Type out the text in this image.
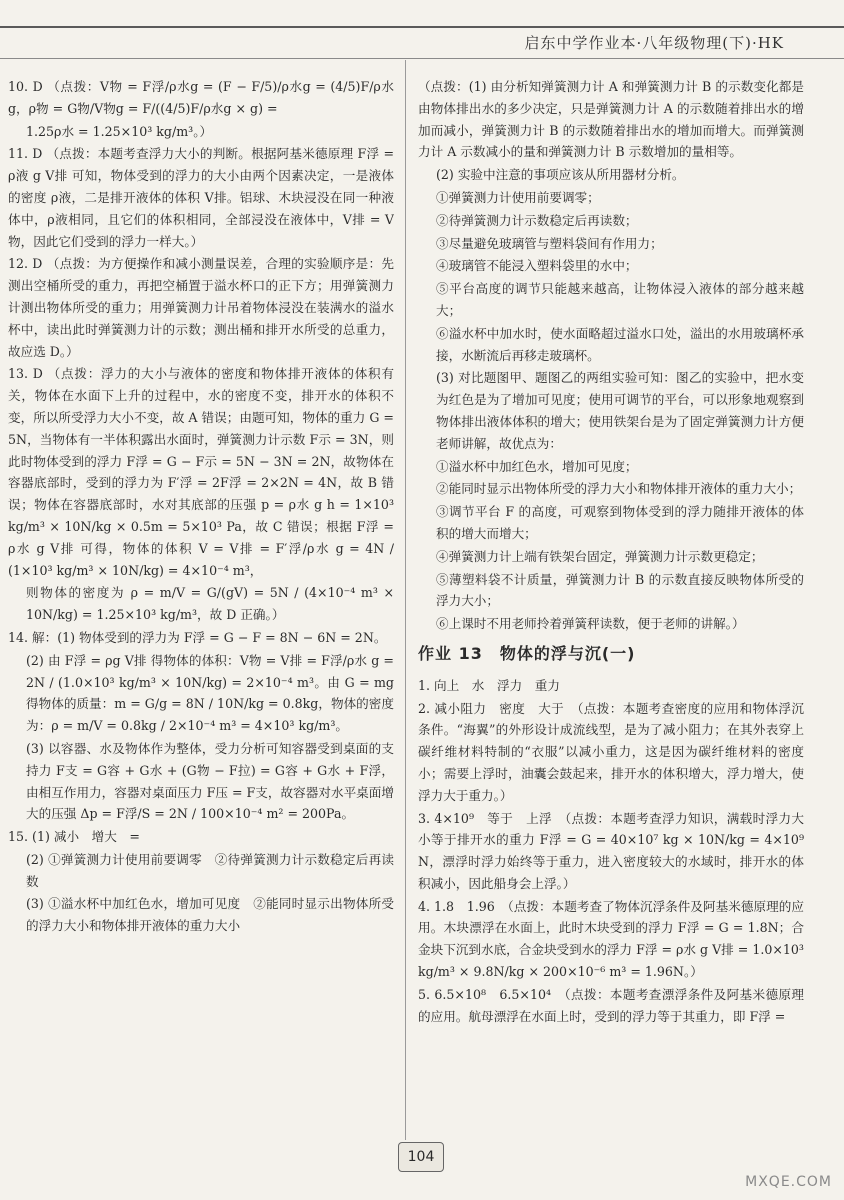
启东中学作业本·八年级物理(下)·HK

10. D （点拨：V物 = F浮/ρ水g = (F − F/5)/ρ水g = (4/5)F/ρ水g，ρ物 = G物/V物g = F/((4/5)F/ρ水g × g) =

1.25ρ水 = 1.25×10³ kg/m³。）

11. D （点拨：本题考查浮力大小的判断。根据阿基米德原理 F浮 = ρ液 g V排 可知，物体受到的浮力的大小由两个因素决定，一是液体的密度 ρ液，二是排开液体的体积 V排。铝球、木块浸没在同一种液体中，ρ液相同，且它们的体积相同，全部浸没在液体中，V排 = V物，因此它们受到的浮力一样大。）

12. D （点拨：为方便操作和减小测量误差，合理的实验顺序是：先测出空桶所受的重力，再把空桶置于溢水杯口的正下方；用弹簧测力计测出物体所受的重力；用弹簧测力计吊着物体浸没在装满水的溢水杯中，读出此时弹簧测力计的示数；测出桶和排开水所受的总重力，故应选 D。）

13. D （点拨：浮力的大小与液体的密度和物体排开液体的体积有关，物体在水面下上升的过程中，水的密度不变，排开水的体积不变，所以所受浮力大小不变，故 A 错误；由题可知，物体的重力 G = 5N，当物体有一半体积露出水面时，弹簧测力计示数 F示 = 3N，则此时物体受到的浮力 F浮 = G − F示 = 5N − 3N = 2N，故物体在容器底部时，受到的浮力为 F′浮 = 2F浮 = 2×2N = 4N，故 B 错误；物体在容器底部时，水对其底部的压强 p = ρ水 g h = 1×10³ kg/m³ × 10N/kg × 0.5m = 5×10³ Pa，故 C 错误；根据 F浮 = ρ水 g V排 可得，物体的体积 V = V排 = F′浮/ρ水 g = 4N / (1×10³ kg/m³ × 10N/kg) = 4×10⁻⁴ m³，

则物体的密度为 ρ = m/V = G/(gV) = 5N / (4×10⁻⁴ m³ × 10N/kg) = 1.25×10³ kg/m³，故 D 正确。）

14. 解：(1) 物体受到的浮力为 F浮 = G − F = 8N − 6N = 2N。

(2) 由 F浮 = ρg V排 得物体的体积：V物 = V排 = F浮/ρ水 g = 2N / (1.0×10³ kg/m³ × 10N/kg) = 2×10⁻⁴ m³。由 G = mg 得物体的质量：m = G/g = 8N / 10N/kg = 0.8kg，物体的密度为：ρ = m/V = 0.8kg / 2×10⁻⁴ m³ = 4×10³ kg/m³。

(3) 以容器、水及物体作为整体，受力分析可知容器受到桌面的支持力 F支 = G容 + G水 + (G物 − F拉) = G容 + G水 + F浮，由相互作用力，容器对桌面压力 F压 = F支，故容器对水平桌面增大的压强 Δp = F浮/S = 2N / 100×10⁻⁴ m² = 200Pa。

15. (1) 减小　增大　=

(2) ①弹簧测力计使用前要调零　②待弹簧测力计示数稳定后再读数

(3) ①溢水杯中加红色水，增加可见度　②能同时显示出物体所受的浮力大小和物体排开液体的重力大小

（点拨：(1) 由分析知弹簧测力计 A 和弹簧测力计 B 的示数变化都是由物体排出水的多少决定，只是弹簧测力计 A 的示数随着排出水的增加而减小，弹簧测力计 B 的示数随着排出水的增加而增大。而弹簧测力计 A 示数减小的量和弹簧测力计 B 示数增加的量相等。

(2) 实验中注意的事项应该从所用器材分析。

①弹簧测力计使用前要调零；

②待弹簧测力计示数稳定后再读数；

③尽量避免玻璃管与塑料袋间有作用力；

④玻璃管不能浸入塑料袋里的水中；

⑤平台高度的调节只能越来越高，让物体浸入液体的部分越来越大；

⑥溢水杯中加水时，使水面略超过溢水口处，溢出的水用玻璃杯承接，水断流后再移走玻璃杯。

(3) 对比题图甲、题图乙的两组实验可知：图乙的实验中，把水变为红色是为了增加可见度；使用可调节的平台，可以形象地观察到物体排出液体体积的增大；使用铁架台是为了固定弹簧测力计方便老师讲解，故优点为：

①溢水杯中加红色水，增加可见度；

②能同时显示出物体所受的浮力大小和物体排开液体的重力大小；

③调节平台 F 的高度，可观察到物体受到的浮力随排开液体的体积的增大而增大；

④弹簧测力计上端有铁架台固定，弹簧测力计示数更稳定；

⑤薄塑料袋不计质量，弹簧测力计 B 的示数直接反映物体所受的浮力大小；

⑥上课时不用老师拎着弹簧秤读数，便于老师的讲解。）

作业 13　物体的浮与沉(一)

1. 向上　水　浮力　重力

2. 减小阻力　密度　大于　（点拨：本题考查密度的应用和物体浮沉条件。“海翼”的外形设计成流线型，是为了减小阻力；在其外表穿上碳纤维材料特制的“衣服”以减小重力，这是因为碳纤维材料的密度小；需要上浮时，油囊会鼓起来，排开水的体积增大，浮力增大，使浮力大于重力。）

3. 4×10⁹　等于　上浮　（点拨：本题考查浮力知识，满载时浮力大小等于排开水的重力 F浮 = G = 40×10⁷ kg × 10N/kg = 4×10⁹ N，漂浮时浮力始终等于重力，进入密度较大的水域时，排开水的体积减小，因此船身会上浮。）

4. 1.8　1.96　（点拨：本题考查了物体沉浮条件及阿基米德原理的应用。木块漂浮在水面上，此时木块受到的浮力 F浮 = G = 1.8N；合金块下沉到水底，合金块受到水的浮力 F浮 = ρ水 g V排 = 1.0×10³ kg/m³ × 9.8N/kg × 200×10⁻⁶ m³ = 1.96N。）

5. 6.5×10⁸　6.5×10⁴　（点拨：本题考查漂浮条件及阿基米德原理的应用。航母漂浮在水面上时，受到的浮力等于其重力，即 F浮 =

104
MXQE.COM
